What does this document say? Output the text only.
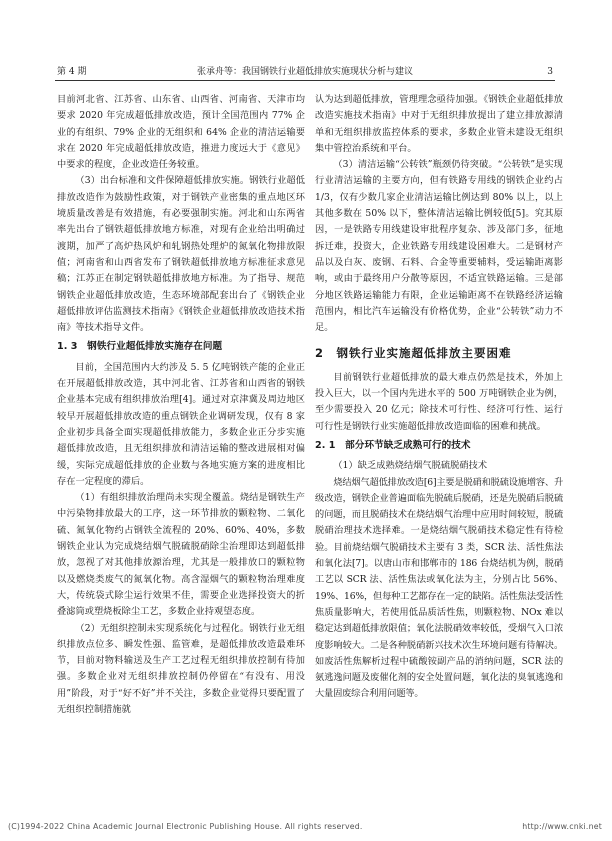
第 4 期	张承舟等：我国钢铁行业超低排放实施现状分析与建议	3

目前河北省、江苏省、山东省、山西省、河南省、天津市均要求 2020 年完成超低排放改造，预计全国范围内 77% 企业的有组织、79% 企业的无组织和 64% 企业的清洁运输要求在 2020 年完成超低排放改造，推进力度远大于《意见》中要求的程度，企业改造任务较重。

（3）出台标准和文件保障超低排放实施。钢铁行业超低排放改造作为鼓励性政策，对于钢铁产业密集的重点地区环境质量改善是有效措施，有必要强制实施。河北和山东两省率先出台了钢铁超低排放地方标准，对现有企业给出明确过渡期，加严了高炉热风炉和轧钢热处理炉的氮氧化物排放限值；河南省和山西省发布了钢铁超低排放地方标准征求意见稿；江苏正在制定钢铁超低排放地方标准。为了指导、规范钢铁企业超低排放改造，生态环境部配套出台了《钢铁企业超低排放评估监测技术指南》《钢铁企业超低排放改造技术指南》等技术指导文件。

1. 3　钢铁行业超低排放实施存在问题

目前，全国范围内大约涉及 5. 5 亿吨钢铁产能的企业正在开展超低排放改造，其中河北省、江苏省和山西省的钢铁企业基本完成有组织排放治理[4]。通过对京津冀及周边地区较早开展超低排放改造的重点钢铁企业调研发现，仅有 8 家企业初步具备全面实现超低排放能力，多数企业正分步实施超低排放改造，且无组织排放和清洁运输的整改进展相对偏缓，实际完成超低排放的企业数与各地实施方案的进度相比存在一定程度的滞后。

（1）有组织排放治理尚未实现全覆盖。烧结是钢铁生产中污染物排放最大的工序，这一环节排放的颗粒物、二氧化硫、氮氧化物约占钢铁全流程的 20%、60%、40%，多数钢铁企业认为完成烧结烟气脱硫脱硝除尘治理即达到超低排放，忽视了对其他排放源治理，尤其是一般排放口的颗粒物以及燃烧类废气的氮氧化物。高含湿烟气的颗粒物治理难度大，传统袋式除尘运行效果不佳，需要企业选择投资大的折叠滤筒或塑烧板除尘工艺，多数企业持观望态度。

（2）无组织控制未实现系统化与过程化。钢铁行业无组织排放点位多、瞬发性强、监管难，是超低排放改造最难环节，目前对物料输送及生产工艺过程无组织排放控制有待加强。多数企业对无组织排放控制仍停留在“有没有、用没用”阶段，对于“好不好”并不关注，多数企业觉得只要配置了无组织控制措施就

认为达到超低排放，管理理念亟待加强。《钢铁企业超低排放改造实施技术指南》中对于无组织排放提出了建立排放源清单和无组织排放监控体系的要求，多数企业管未建设无组织集中管控治系统和平台。

（3）清洁运输“公转铁”瓶颈仍待突破。“公转铁”是实现行业清洁运输的主要方向，但有铁路专用线的钢铁企业约占 1/3，仅有少数几家企业清洁运输比例达到 80% 以上，以上其他多数在 50% 以下，整体清洁运输比例较低[5]。究其原因，一是铁路专用线建设审批程序复杂、涉及部门多，征地拆迁难，投资大，企业铁路专用线建设困难大。二是钢材产品以及白灰、废钢、石料、合金等重要辅料，受运输距离影响，或由于最终用户分散等原因，不适宜铁路运输。三是部分地区铁路运输能力有限，企业运输距离不在铁路经济运输范围内，相比汽车运输没有价格优势，企业“公转铁”动力不足。

2　钢铁行业实施超低排放主要困难

目前钢铁行业超低排放的最大难点仍然是技术，外加上投入巨大，以一个国内先进水平的 500 万吨钢铁企业为例，至少需要投入 20 亿元；除技术可行性、经济可行性、运行可行性是钢铁行业实施超低排放改造面临的困难和挑战。

2. 1　部分环节缺乏成熟可行的技术

（1）缺乏成熟烧结烟气脱硫脱硝技术

烧结烟气超低排放改造[6]主要是脱硝和脱硫设施增容、升级改造，钢铁企业普遍面临先脱硫后脱硝，还是先脱硝后脱硫的问题，而且脱硝技术在烧结烟气治理中应用时间较短，脱硫脱硝治理技术选择难。一是烧结烟气脱硝技术稳定性有待检验。目前烧结烟气脱硝技术主要有 3 类，SCR 法、活性焦法和氧化法[7]。以唐山市和邯郸市的 186 台烧结机为例，脱硝工艺以 SCR 法、活性焦法或氧化法为主，分别占比 56%、19%、16%，但每种工艺都存在一定的缺陷。活性焦法受活性焦质量影响大，若使用低品质活性焦，则颗粒物、NOx 难以稳定达到超低排放限值；氧化法脱硝效率较低，受烟气入口浓度影响较大。二是各种脱硝新兴技术次生环境问题有待解决。如废活性焦解析过程中硫酸铵副产品的消纳问题，SCR 法的氨逃逸问题及废催化剂的安全处置问题，氧化法的臭氧逃逸和大量固废综合利用问题等。

(C)1994-2022 China Academic Journal Electronic Publishing House. All rights reserved.	http://www.cnki.net
